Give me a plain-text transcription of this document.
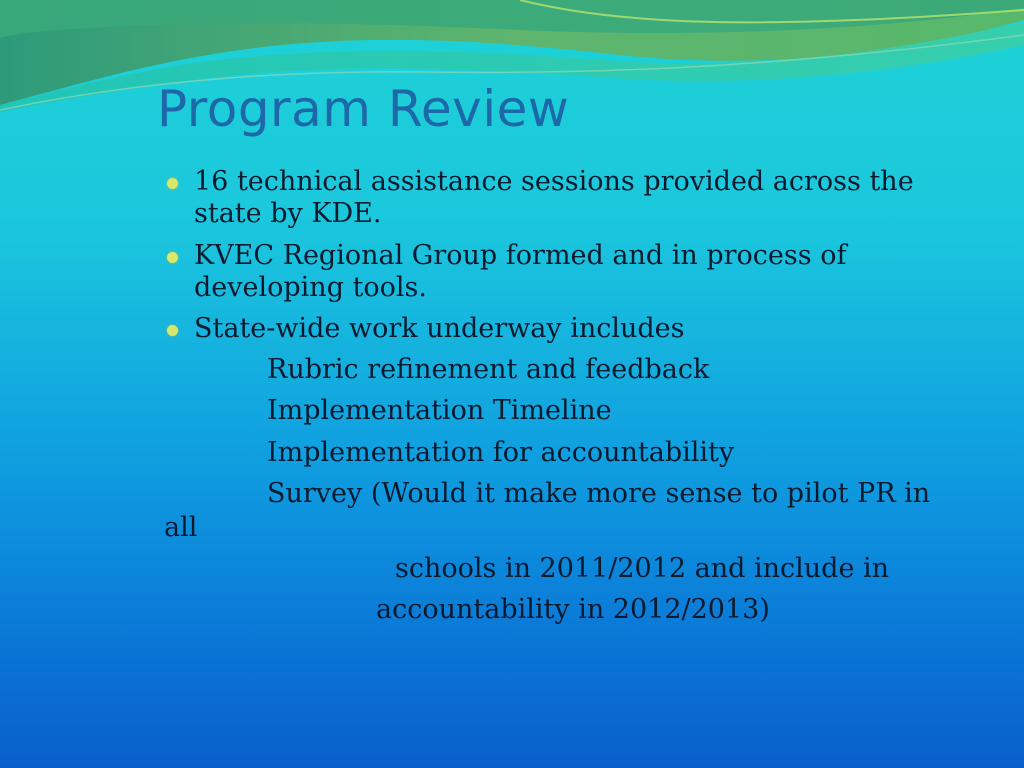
Program Review
16 technical assistance sessions provided across the state by KDE.
KVEC Regional Group formed and in process of developing tools.
State-wide work underway includes
Rubric refinement and feedback
Implementation Timeline
Implementation for accountability
Survey (Would it make more sense to pilot PR in
all
schools in 2011/2012 and include in
accountability in 2012/2013)
